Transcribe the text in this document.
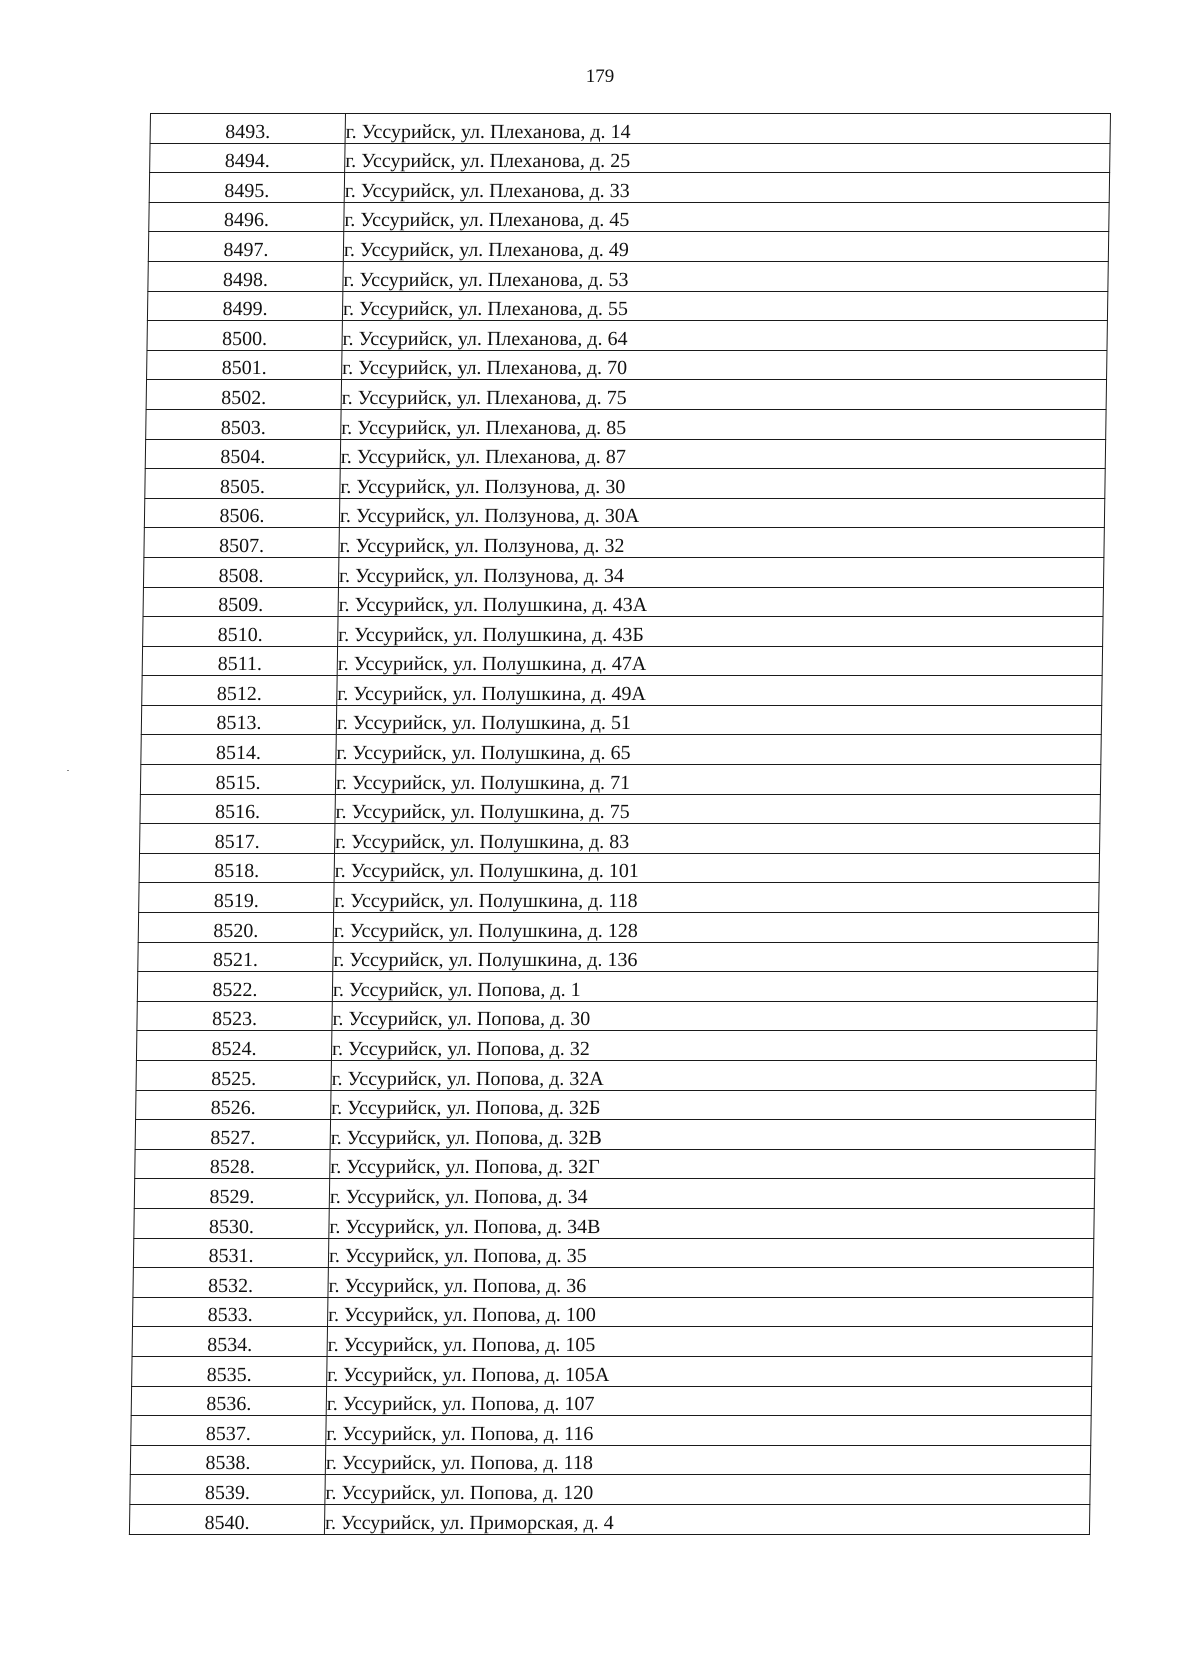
179
8493.	г. Уссурийск, ул. Плеханова, д. 14
8494.	г. Уссурийск, ул. Плеханова, д. 25
8495.	г. Уссурийск, ул. Плеханова, д. 33
8496.	г. Уссурийск, ул. Плеханова, д. 45
8497.	г. Уссурийск, ул. Плеханова, д. 49
8498.	г. Уссурийск, ул. Плеханова, д. 53
8499.	г. Уссурийск, ул. Плеханова, д. 55
8500.	г. Уссурийск, ул. Плеханова, д. 64
8501.	г. Уссурийск, ул. Плеханова, д. 70
8502.	г. Уссурийск, ул. Плеханова, д. 75
8503.	г. Уссурийск, ул. Плеханова, д. 85
8504.	г. Уссурийск, ул. Плеханова, д. 87
8505.	г. Уссурийск, ул. Ползунова, д. 30
8506.	г. Уссурийск, ул. Ползунова, д. 30А
8507.	г. Уссурийск, ул. Ползунова, д. 32
8508.	г. Уссурийск, ул. Ползунова, д. 34
8509.	г. Уссурийск, ул. Полушкина, д. 43А
8510.	г. Уссурийск, ул. Полушкина, д. 43Б
8511.	г. Уссурийск, ул. Полушкина, д. 47А
8512.	г. Уссурийск, ул. Полушкина, д. 49А
8513.	г. Уссурийск, ул. Полушкина, д. 51
8514.	г. Уссурийск, ул. Полушкина, д. 65
8515.	г. Уссурийск, ул. Полушкина, д. 71
8516.	г. Уссурийск, ул. Полушкина, д. 75
8517.	г. Уссурийск, ул. Полушкина, д. 83
8518.	г. Уссурийск, ул. Полушкина, д. 101
8519.	г. Уссурийск, ул. Полушкина, д. 118
8520.	г. Уссурийск, ул. Полушкина, д. 128
8521.	г. Уссурийск, ул. Полушкина, д. 136
8522.	г. Уссурийск, ул. Попова, д. 1
8523.	г. Уссурийск, ул. Попова, д. 30
8524.	г. Уссурийск, ул. Попова, д. 32
8525.	г. Уссурийск, ул. Попова, д. 32А
8526.	г. Уссурийск, ул. Попова, д. 32Б
8527.	г. Уссурийск, ул. Попова, д. 32В
8528.	г. Уссурийск, ул. Попова, д. 32Г
8529.	г. Уссурийск, ул. Попова, д. 34
8530.	г. Уссурийск, ул. Попова, д. 34В
8531.	г. Уссурийск, ул. Попова, д. 35
8532.	г. Уссурийск, ул. Попова, д. 36
8533.	г. Уссурийск, ул. Попова, д. 100
8534.	г. Уссурийск, ул. Попова, д. 105
8535.	г. Уссурийск, ул. Попова, д. 105А
8536.	г. Уссурийск, ул. Попова, д. 107
8537.	г. Уссурийск, ул. Попова, д. 116
8538.	г. Уссурийск, ул. Попова, д. 118
8539.	г. Уссурийск, ул. Попова, д. 120
8540.	г. Уссурийск, ул. Приморская, д. 4
